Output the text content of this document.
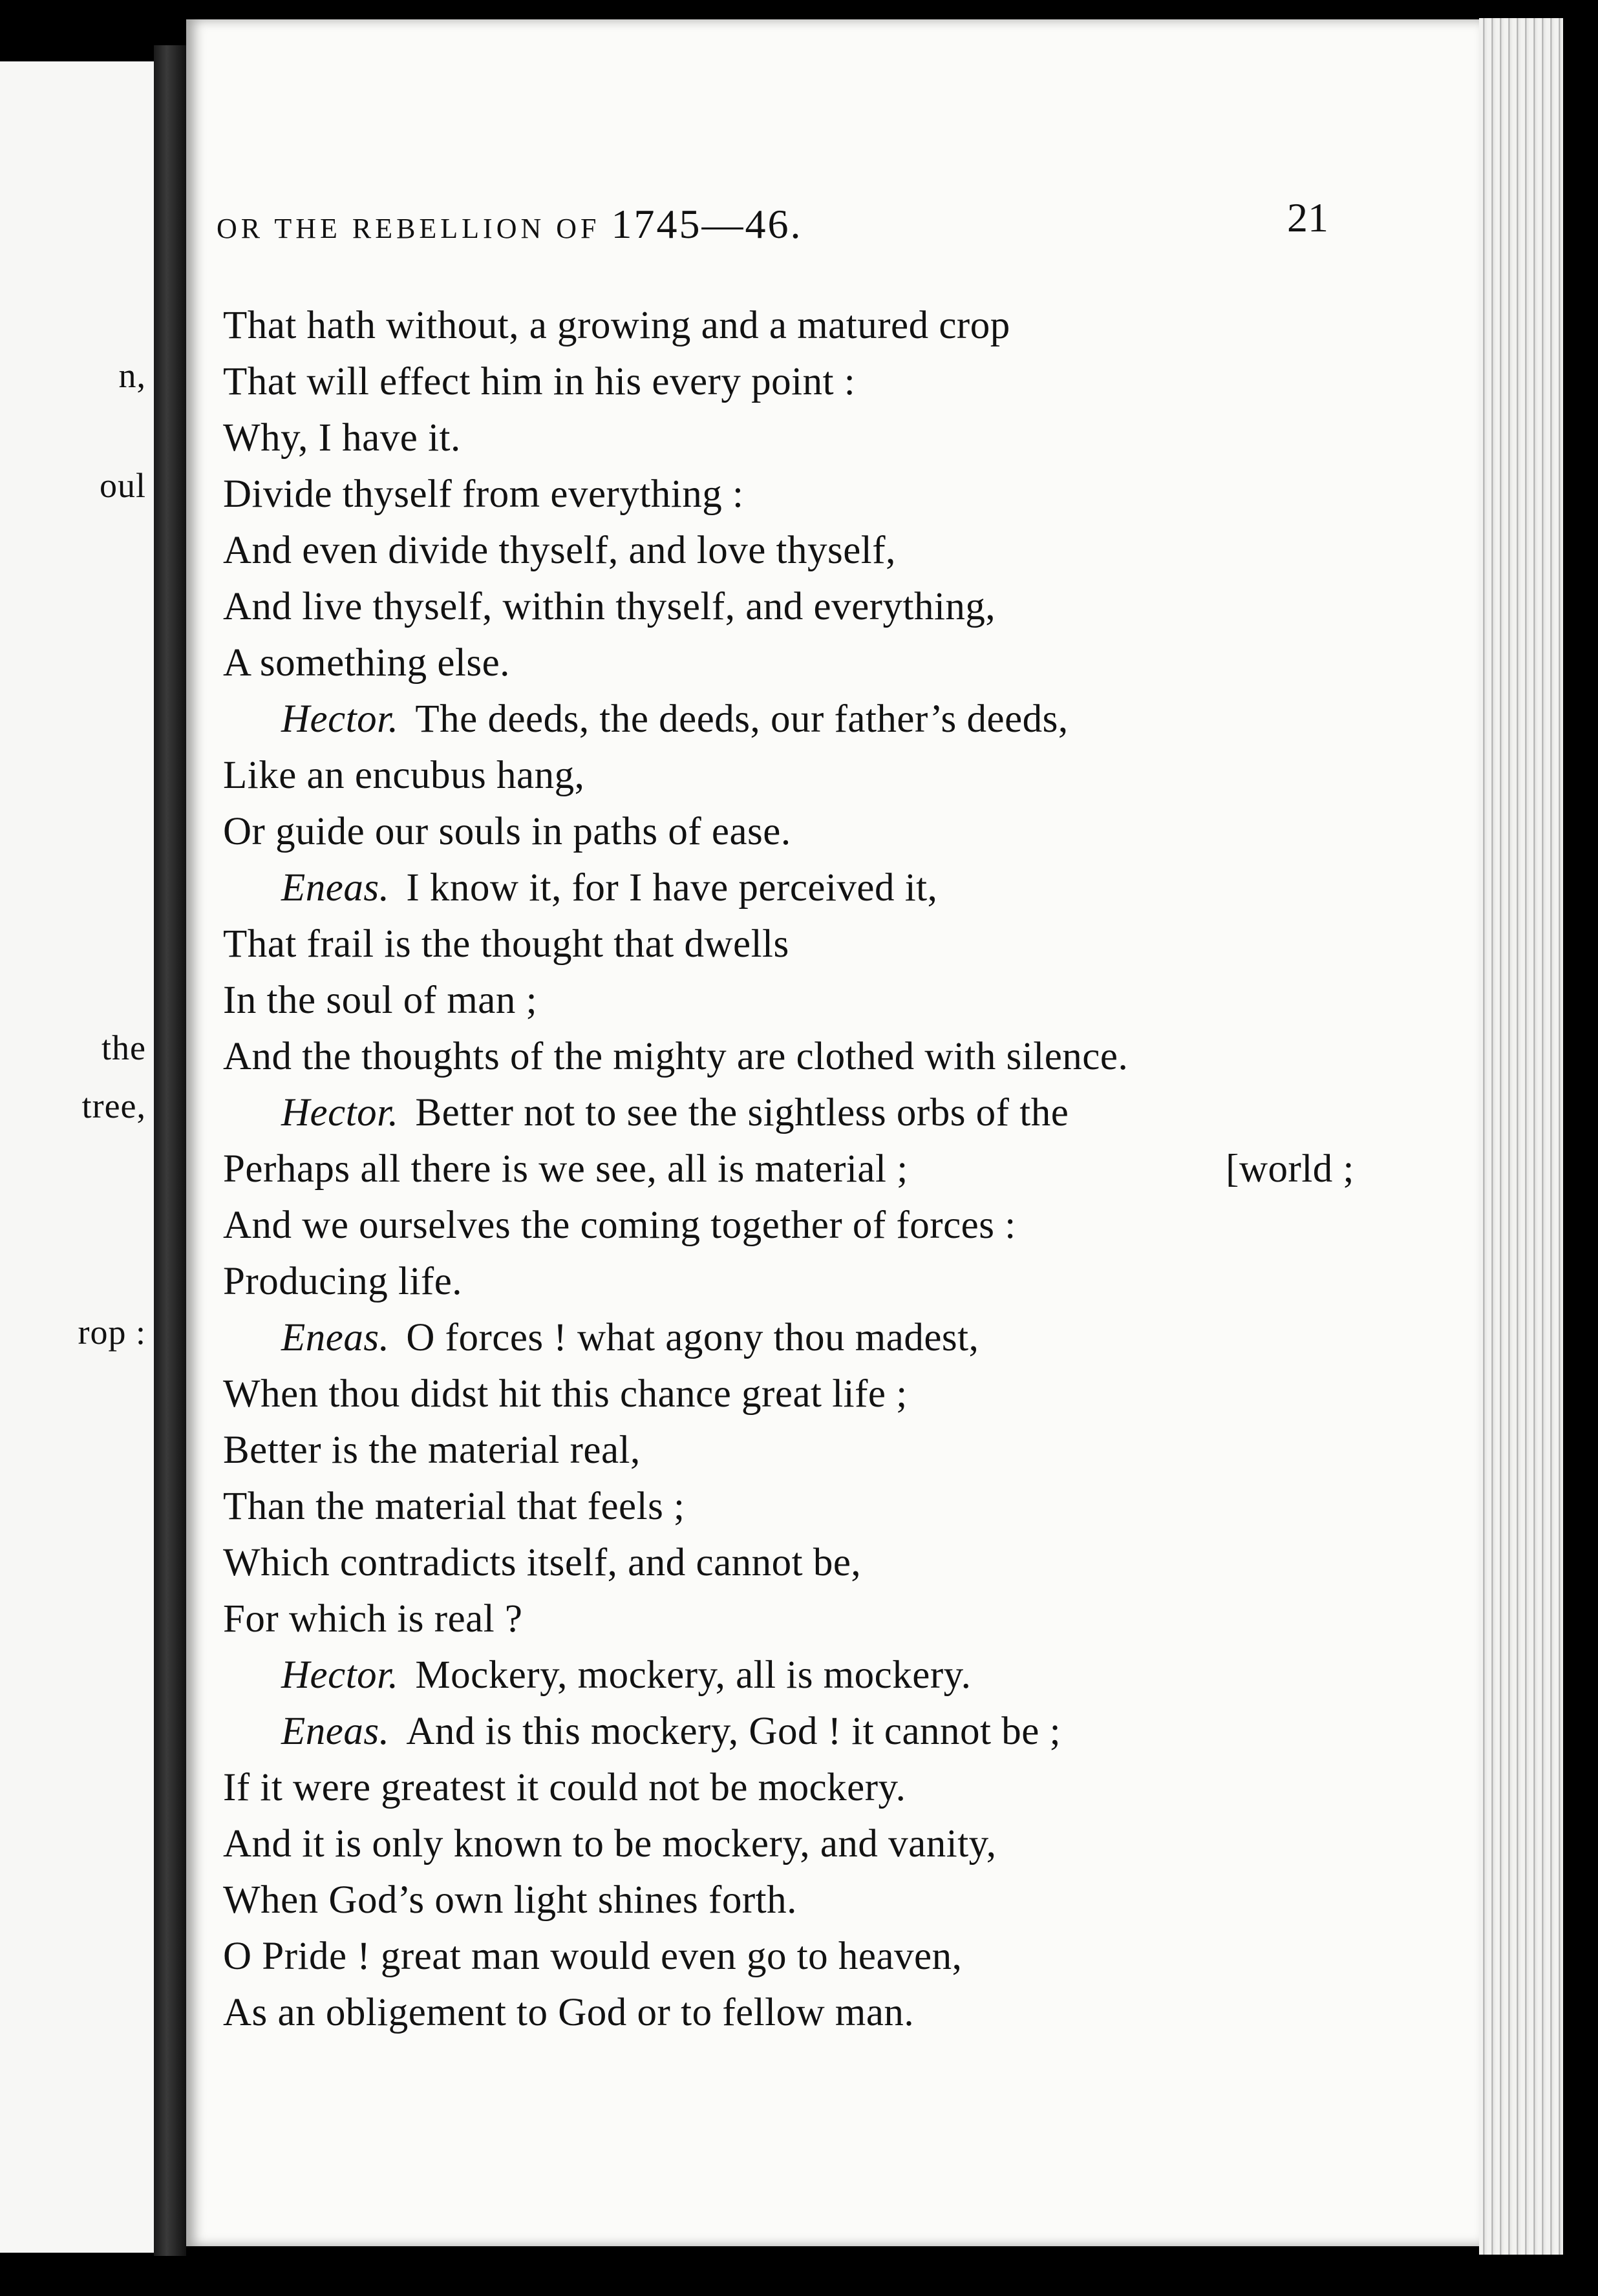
n,
oul
the
tree,
rop :
OR THE REBELLION OF 1745—46.	21
That hath without, a growing and a matured crop
That will effect him in his every point :
Why, I have it.
Divide thyself from everything :
And even divide thyself, and love thyself,
And live thyself, within thyself, and everything,
A something else.
Hector. The deeds, the deeds, our father’s deeds,
Like an encubus hang,
Or guide our souls in paths of ease.
Eneas. I know it, for I have perceived it,
That frail is the thought that dwells
In the soul of man ;
And the thoughts of the mighty are clothed with silence.
Hector. Better not to see the sightless orbs of the
Perhaps all there is we see, all is material ;	[world ;
And we ourselves the coming together of forces :
Producing life.
Eneas. O forces ! what agony thou madest,
When thou didst hit this chance great life ;
Better is the material real,
Than the material that feels ;
Which contradicts itself, and cannot be,
For which is real ?
Hector. Mockery, mockery, all is mockery.
Eneas. And is this mockery, God ! it cannot be ;
If it were greatest it could not be mockery.
And it is only known to be mockery, and vanity,
When God’s own light shines forth.
O Pride ! great man would even go to heaven,
As an obligement to God or to fellow man.
